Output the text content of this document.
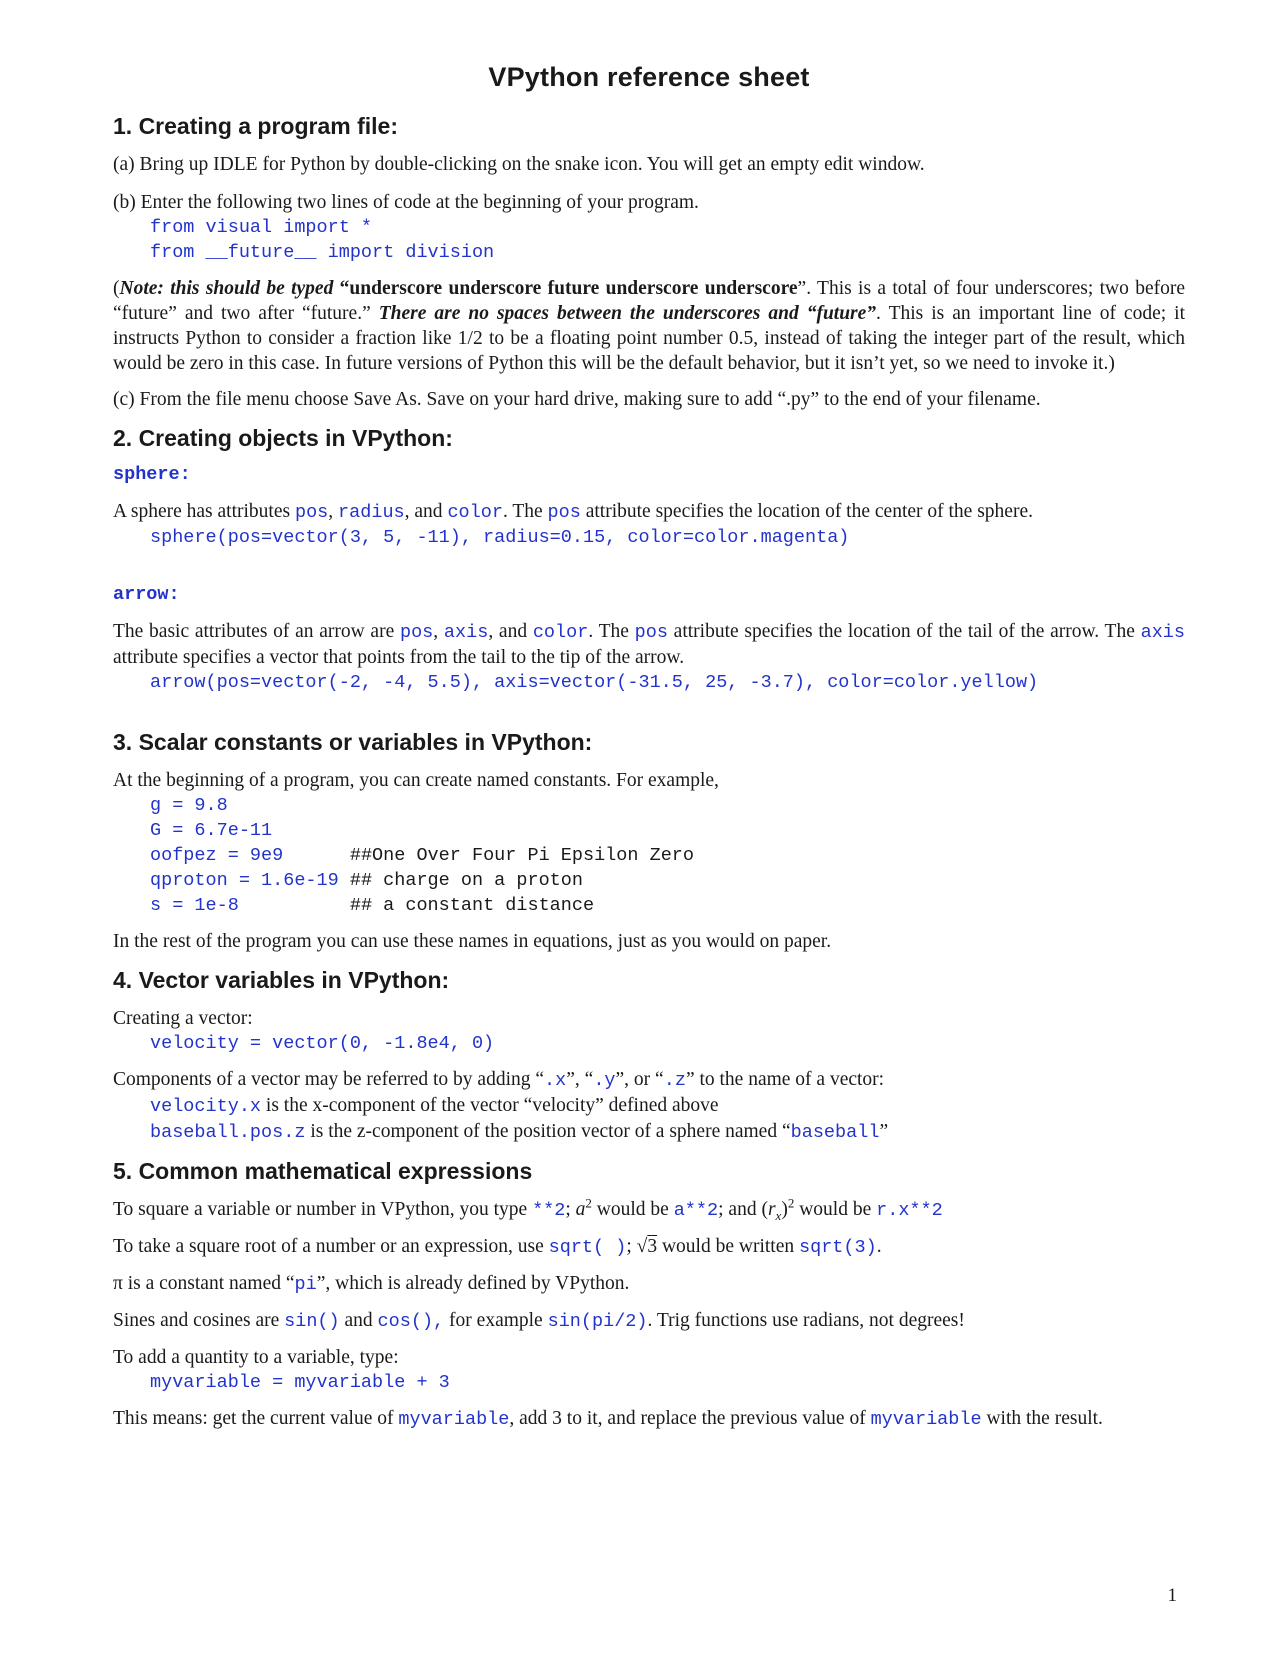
VPython reference sheet
1. Creating a program file:

(a) Bring up IDLE for Python by double-clicking on the snake icon. You will get an empty edit window.

(b) Enter the following two lines of code at the beginning of your program.

from visual import *
from __future__ import division

(Note: this should be typed “underscore underscore future underscore underscore”. This is a total of four underscores; two before “future” and two after “future.” There are no spaces between the underscores and “future”. This is an important line of code; it instructs Python to consider a fraction like 1/2 to be a floating point number 0.5, instead of taking the integer part of the result, which would be zero in this case. In future versions of Python this will be the default behavior, but it isn’t yet, so we need to invoke it.)

(c) From the file menu choose Save As. Save on your hard drive, making sure to add “.py” to the end of your filename.

2. Creating objects in VPython:
sphere:

A sphere has attributes pos, radius, and color. The pos attribute specifies the location of the center of the sphere.

sphere(pos=vector(3, 5, -11), radius=0.15, color=color.magenta)
arrow:

The basic attributes of an arrow are pos, axis, and color. The pos attribute specifies the location of the tail of the arrow. The axis attribute specifies a vector that points from the tail to the tip of the arrow.

arrow(pos=vector(-2, -4, 5.5), axis=vector(-31.5, 25, -3.7), color=color.yellow)
3. Scalar constants or variables in VPython:

At the beginning of a program, you can create named constants. For example,

g = 9.8
G = 6.7e-11
oofpez = 9e9      ##One Over Four Pi Epsilon Zero
qproton = 1.6e-19 ## charge on a proton
s = 1e-8          ## a constant distance

In the rest of the program you can use these names in equations, just as you would on paper.

4. Vector variables in VPython:

Creating a vector:

velocity = vector(0, -1.8e4, 0)

Components of a vector may be referred to by adding “.x”, “.y”, or “.z” to the name of a vector:

velocity.x is the x-component of the vector “velocity” defined above

baseball.pos.z is the z-component of the position vector of a sphere named “baseball”

5. Common mathematical expressions

To square a variable or number in VPython, you type **2; $a^2$ would be a**2; and $(r_x)^2$ would be r.x**2

To take a square root of a number or an expression, use sqrt( ); √3 would be written sqrt(3).

π is a constant named “pi”, which is already defined by VPython.

Sines and cosines are sin() and cos(), for example sin(pi/2). Trig functions use radians, not degrees!

To add a quantity to a variable, type:

myvariable = myvariable + 3

This means: get the current value of myvariable, add 3 to it, and replace the previous value of myvariable with the result.

1
